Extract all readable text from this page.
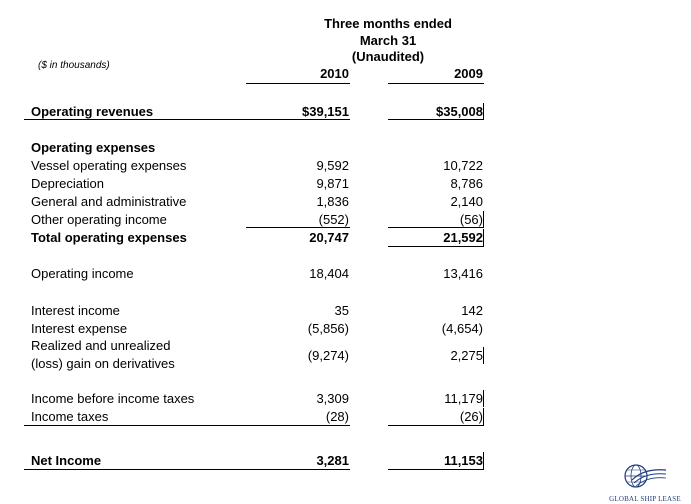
Three months ended
March 31
(Unaudited)
($ in thousands)
2010	2009
Operating revenues	$39,151	$35,008
Operating expenses
Vessel operating expenses	9,592	10,722
Depreciation	9,871	8,786
General and administrative	1,836	2,140
Other operating income	(552)	(56)
Total operating expenses	20,747	21,592
Operating income	18,404	13,416
Interest income	35	142
Interest expense	(5,856)	(4,654)
Realized and unrealized
(loss) gain on derivatives
(9,274)	2,275
Income before income taxes	3,309	11,179
Income taxes	(28)	(26)
Net Income	3,281	11,153
GLOBAL SHIP LEASE
